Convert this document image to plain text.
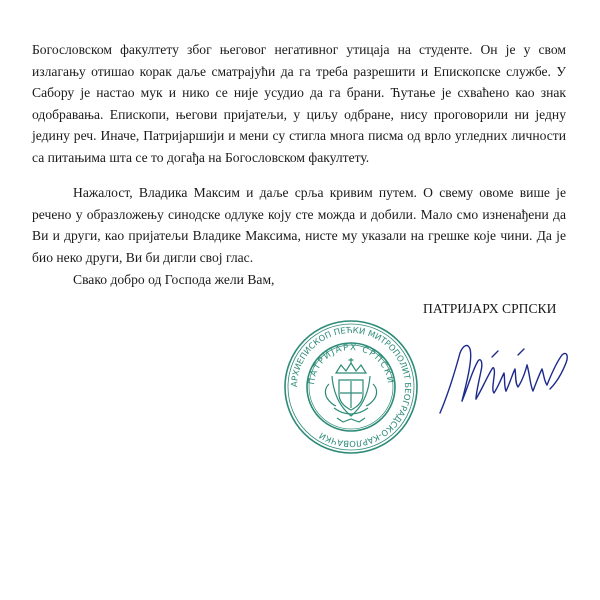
Богословском факултету због његовог негативног утицаја на студенте. Он је у свом излагању отишао корак даље сматрајући да га треба разрешити и Епископске службе. У Сабору је настао мук и нико се није усудио да га брани. Ћутање је схваћено као знак одобравања. Епископи, његови пријатељи, у циљу одбране, нису проговорили ни једну једину реч. Иначе, Патријаршији и мени су стигла многа писма од врло угледних личности са питањима шта се то догађа на Богословском факултету.

Нажалост, Владика Максим и даље срља кривим путем. О свему овоме више је речено у образложењу синодске одлуке коју сте можда и добили. Мало смо изненађени да Ви и други, као пријатељи Владике Максима, нисте му указали на грешке које чини. Да је био неко други, Ви би дигли свој глас.

Свако добро од Господа жели Вам,

ПАТРИЈАРХ СРПСКИ

АРХИЕПИСКОП ПЕЋКИ МИТРОПОЛИТ БЕОГРАДСКО-КАРЛОВАЧКИ
ПАТРИЈАРХ СРПСКИ
